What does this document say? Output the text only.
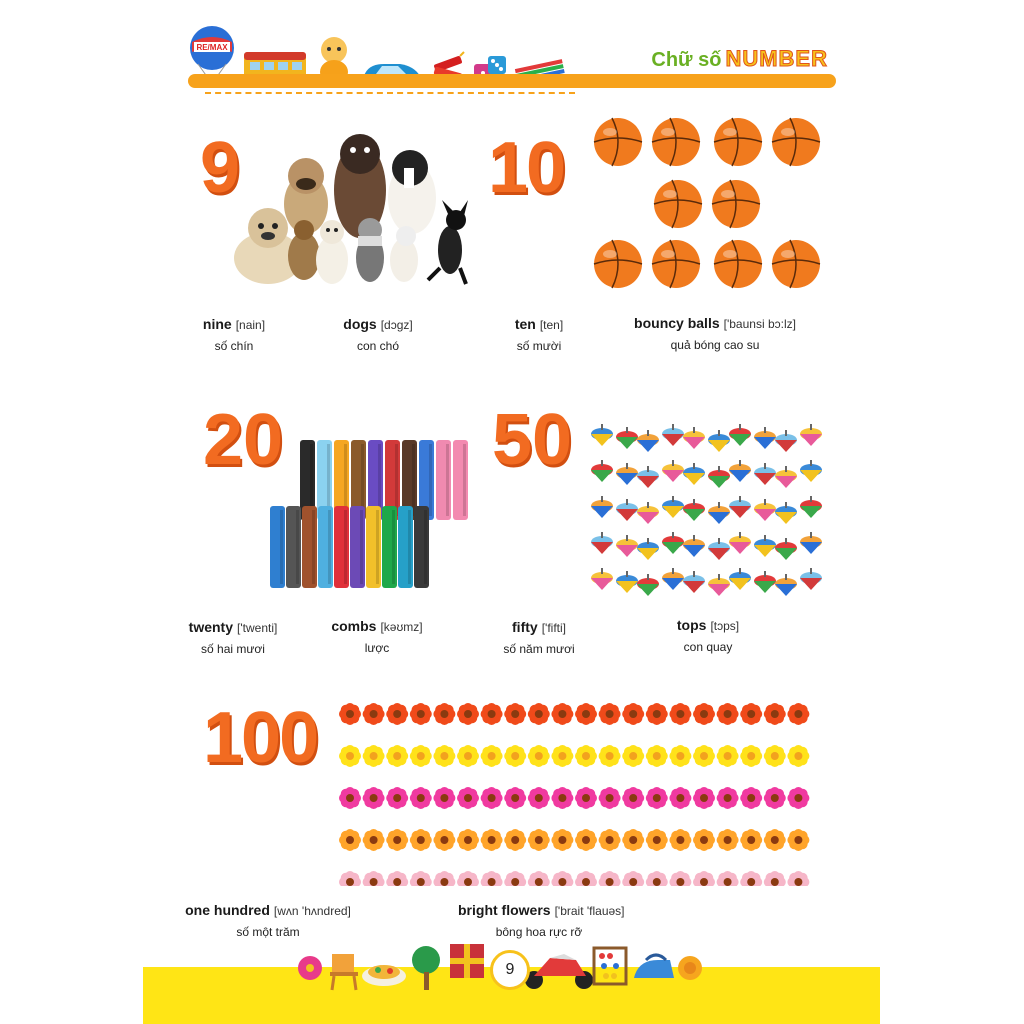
RE/MAX
Chữ số NUMBER
9	10
nine [nain]
số chín
dogs [dɔgz]
con chó
ten [ten]
số mười
bouncy balls ['baunsi bɔ:lz]
quả bóng cao su
20	50
twenty ['twenti]
số hai mươi
combs [kəʊmz]
lược
fifty ['fifti]
số năm mươi
tops [tɔps]
con quay
100
one hundred [wʌn 'hʌndred]
số một trăm
bright flowers ['brait 'flauəs]
bông hoa rực rỡ
9
